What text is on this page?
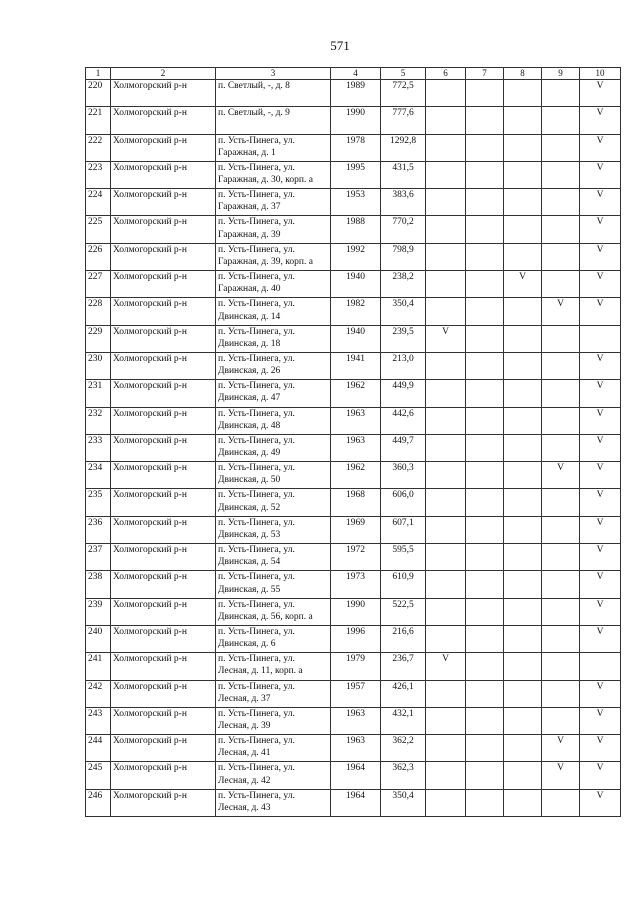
571
1	2	3	4	5	6	7	8	9	10
220	Холмогорский р-н	п. Светлый, -, д. 8	1989	772,5					V
221	Холмогорский р-н	п. Светлый, -, д. 9	1990	777,6					V
222	Холмогорский р-н	п. Усть-Пинега, ул.
Гаражная, д. 1	1978	1292,8					V
223	Холмогорский р-н	п. Усть-Пинега, ул.
Гаражная, д. 30, корп. а	1995	431,5					V
224	Холмогорский р-н	п. Усть-Пинега, ул.
Гаражная, д. 37	1953	383,6					V
225	Холмогорский р-н	п. Усть-Пинега, ул.
Гаражная, д. 39	1988	770,2					V
226	Холмогорский р-н	п. Усть-Пинега, ул.
Гаражная, д. 39, корп. а	1992	798,9					V
227	Холмогорский р-н	п. Усть-Пинега, ул.
Гаражная, д. 40	1940	238,2			V		V
228	Холмогорский р-н	п. Усть-Пинега, ул.
Двинская, д. 14	1982	350,4				V	V
229	Холмогорский р-н	п. Усть-Пинега, ул.
Двинская, д. 18	1940	239,5	V				
230	Холмогорский р-н	п. Усть-Пинега, ул.
Двинская, д. 26	1941	213,0					V
231	Холмогорский р-н	п. Усть-Пинега, ул.
Двинская, д. 47	1962	449,9					V
232	Холмогорский р-н	п. Усть-Пинега, ул.
Двинская, д. 48	1963	442,6					V
233	Холмогорский р-н	п. Усть-Пинега, ул.
Двинская, д. 49	1963	449,7					V
234	Холмогорский р-н	п. Усть-Пинега, ул.
Двинская, д. 50	1962	360,3				V	V
235	Холмогорский р-н	п. Усть-Пинега, ул.
Двинская, д. 52	1968	606,0					V
236	Холмогорский р-н	п. Усть-Пинега, ул.
Двинская, д. 53	1969	607,1					V
237	Холмогорский р-н	п. Усть-Пинега, ул.
Двинская, д. 54	1972	595,5					V
238	Холмогорский р-н	п. Усть-Пинега, ул.
Двинская, д. 55	1973	610,9					V
239	Холмогорский р-н	п. Усть-Пинега, ул.
Двинская, д. 56, корп. а	1990	522,5					V
240	Холмогорский р-н	п. Усть-Пинега, ул.
Двинская, д. 6	1996	216,6					V
241	Холмогорский р-н	п. Усть-Пинега, ул.
Лесная, д. 11, корп. а	1979	236,7	V				
242	Холмогорский р-н	п. Усть-Пинега, ул.
Лесная, д. 37	1957	426,1					V
243	Холмогорский р-н	п. Усть-Пинега, ул.
Лесная, д. 39	1963	432,1					V
244	Холмогорский р-н	п. Усть-Пинега, ул.
Лесная, д. 41	1963	362,2				V	V
245	Холмогорский р-н	п. Усть-Пинега, ул.
Лесная, д. 42	1964	362,3				V	V
246	Холмогорский р-н	п. Усть-Пинега, ул.
Лесная, д. 43	1964	350,4					V
